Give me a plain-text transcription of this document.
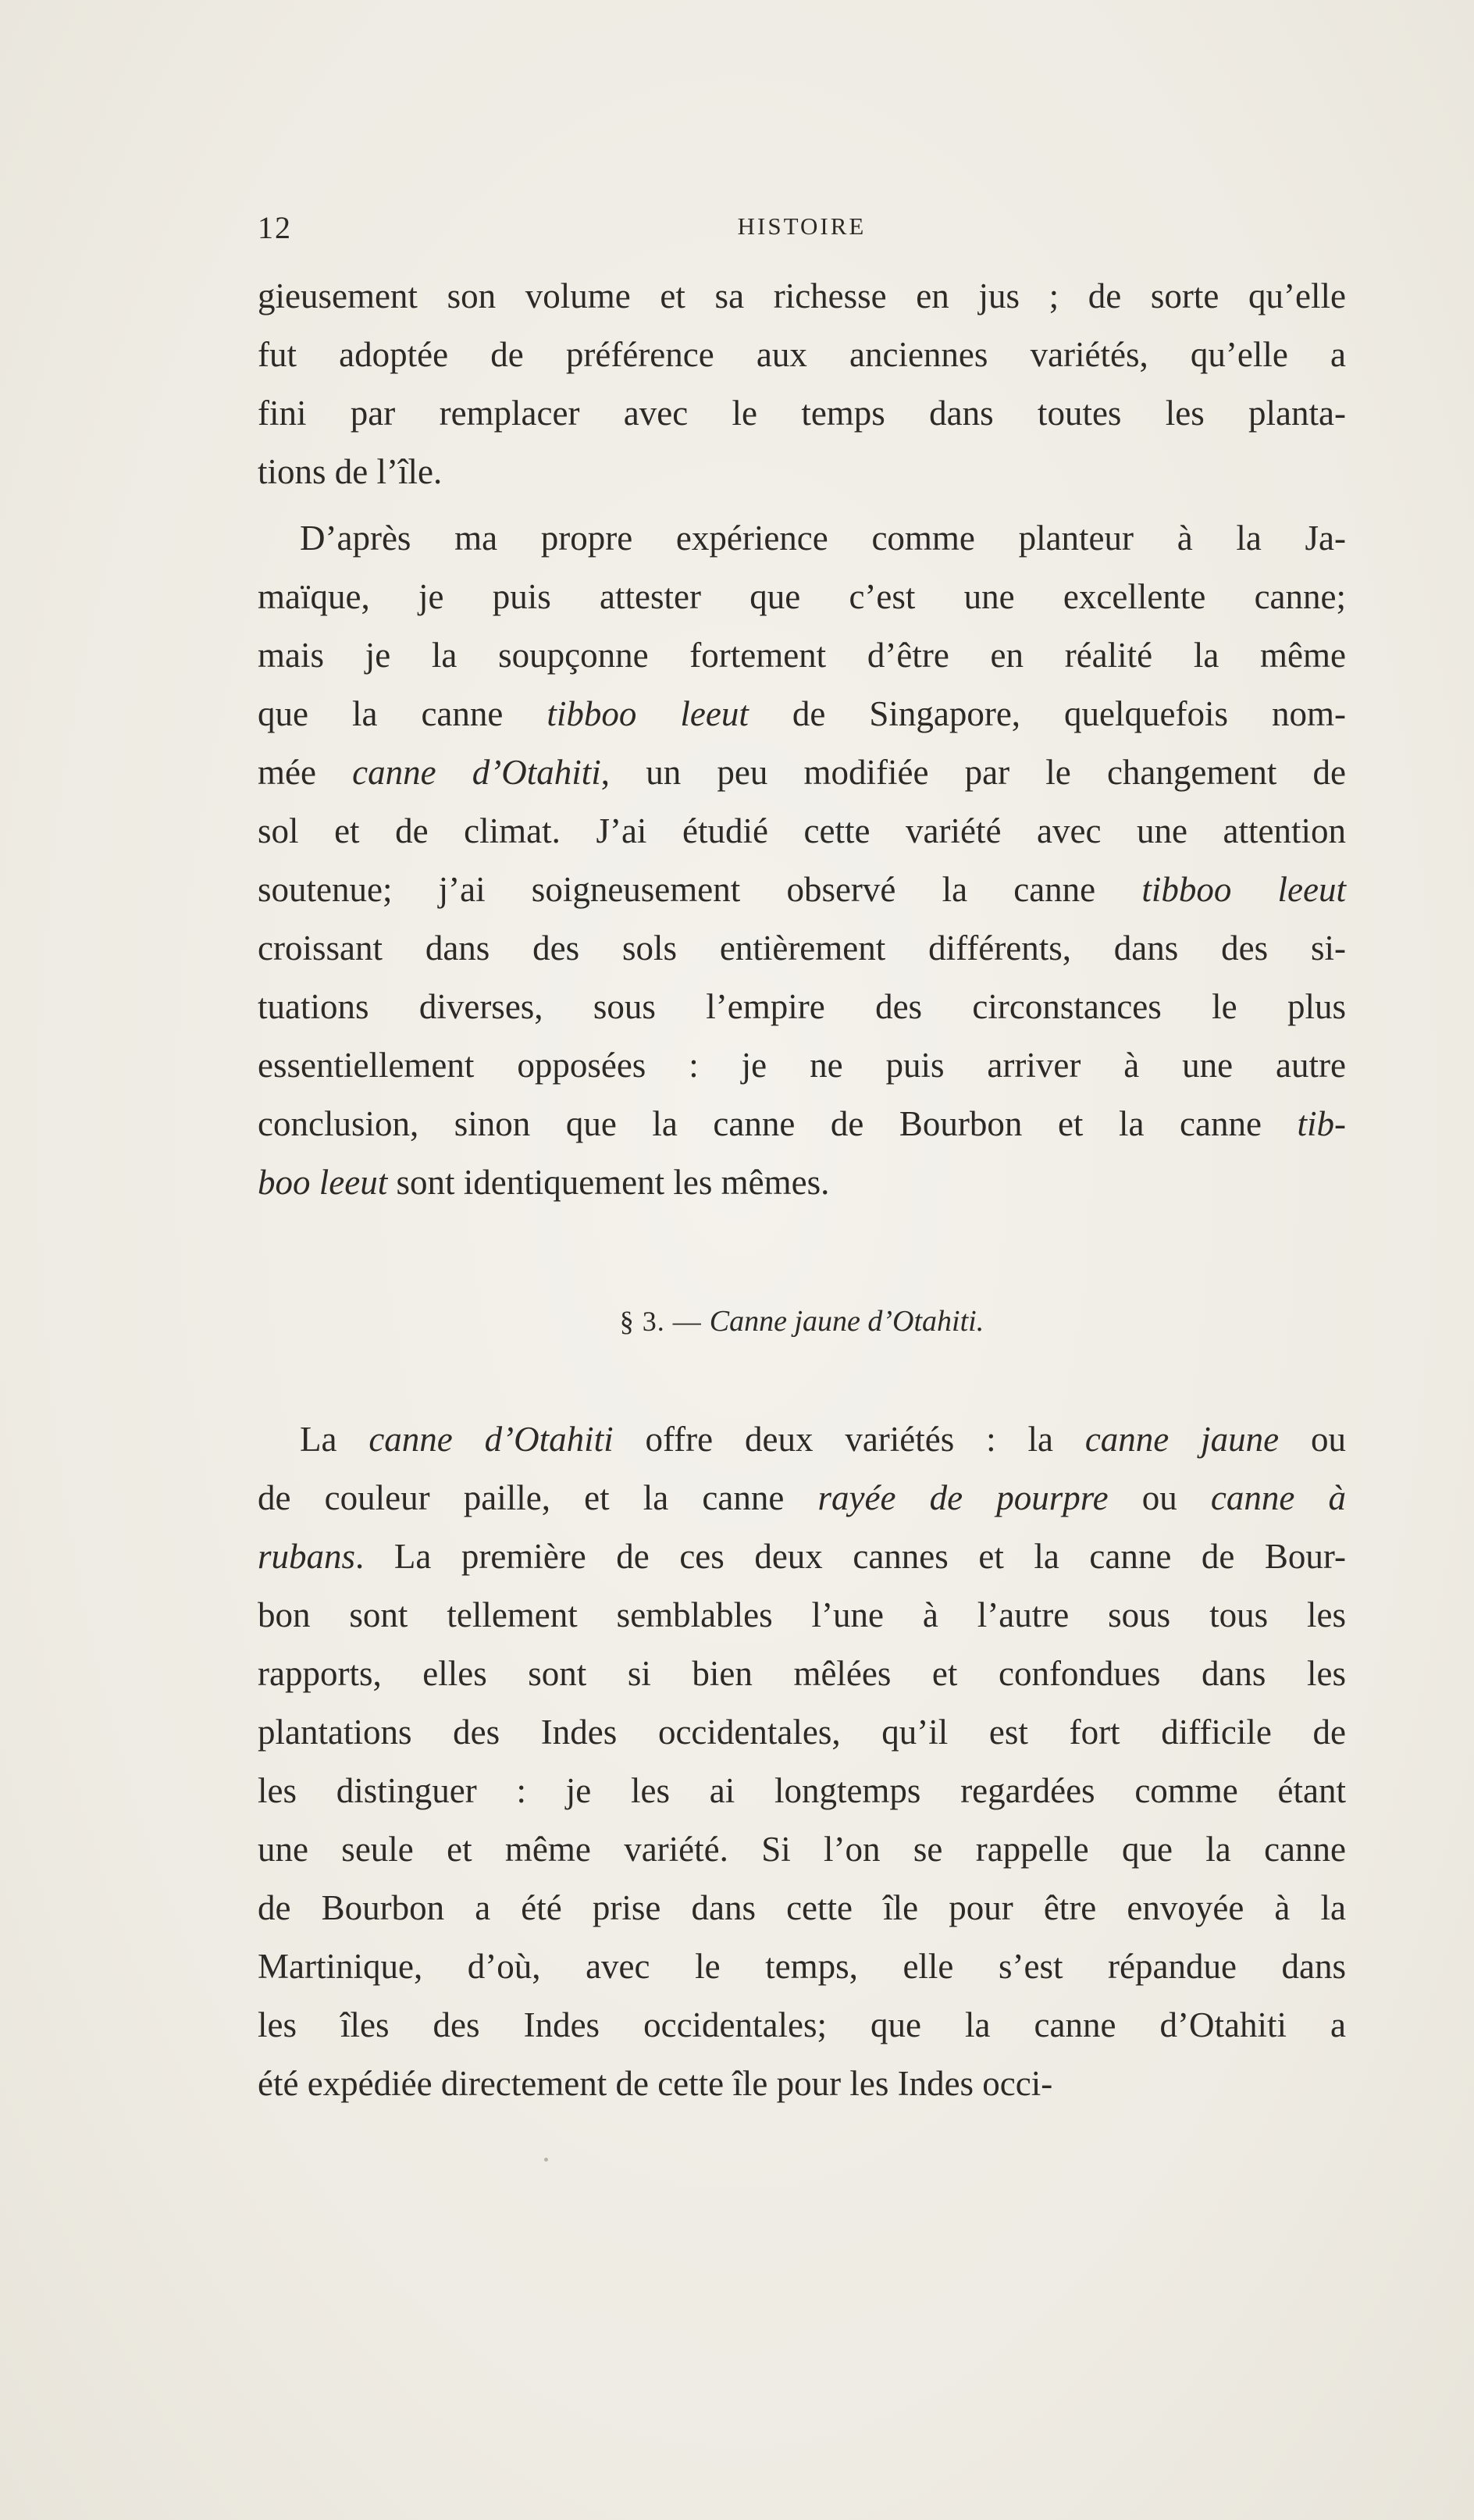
12	HISTOIRE
gieusement son volume et sa richesse en jus ; de sorte qu’elle
fut adoptée de préférence aux anciennes variétés, qu’elle a
fini par remplacer avec le temps dans toutes les planta-
tions de l’île.
D’après ma propre expérience comme planteur à la Ja-
maïque, je puis attester que c’est une excellente canne;
mais je la soupçonne fortement d’être en réalité la même
que la canne tibboo leeut de Singapore, quelquefois nom-
mée canne d’Otahiti, un peu modifiée par le changement de
sol et de climat. J’ai étudié cette variété avec une attention
soutenue; j’ai soigneusement observé la canne tibboo leeut
croissant dans des sols entièrement différents, dans des si-
tuations diverses, sous l’empire des circonstances le plus
essentiellement opposées : je ne puis arriver à une autre
conclusion, sinon que la canne de Bourbon et la canne tib-
boo leeut sont identiquement les mêmes.
§ 3. — Canne jaune d’Otahiti.
La canne d’Otahiti offre deux variétés : la canne jaune ou
de couleur paille, et la canne rayée de pourpre ou canne à
rubans. La première de ces deux cannes et la canne de Bour-
bon sont tellement semblables l’une à l’autre sous tous les
rapports, elles sont si bien mêlées et confondues dans les
plantations des Indes occidentales, qu’il est fort difficile de
les distinguer : je les ai longtemps regardées comme étant
une seule et même variété. Si l’on se rappelle que la canne
de Bourbon a été prise dans cette île pour être envoyée à la
Martinique, d’où, avec le temps, elle s’est répandue dans
les îles des Indes occidentales; que la canne d’Otahiti a
été expédiée directement de cette île pour les Indes occi-
